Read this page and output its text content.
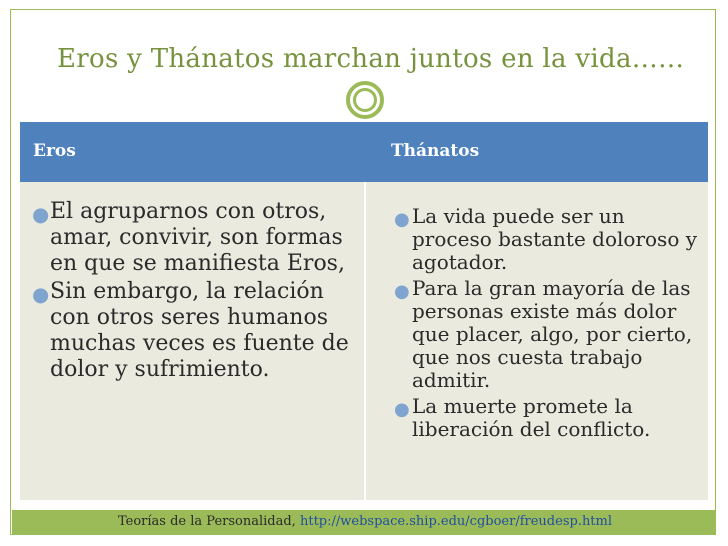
Eros y Thánatos marchan juntos en la vida……
Eros	Thánatos
● El agruparnos con otros, amar, convivir, son formas en que se manifiesta Eros,
● Sin embargo, la relación con otros seres humanos muchas veces es fuente de dolor y sufrimiento.
● La vida puede ser un proceso bastante doloroso y agotador.
● Para la gran mayoría de las personas existe más dolor que placer, algo, por cierto, que nos cuesta trabajo admitir.
● La muerte promete la liberación del conflicto.
Teorías de la Personalidad, http://webspace.ship.edu/cgboer/freudesp.html
